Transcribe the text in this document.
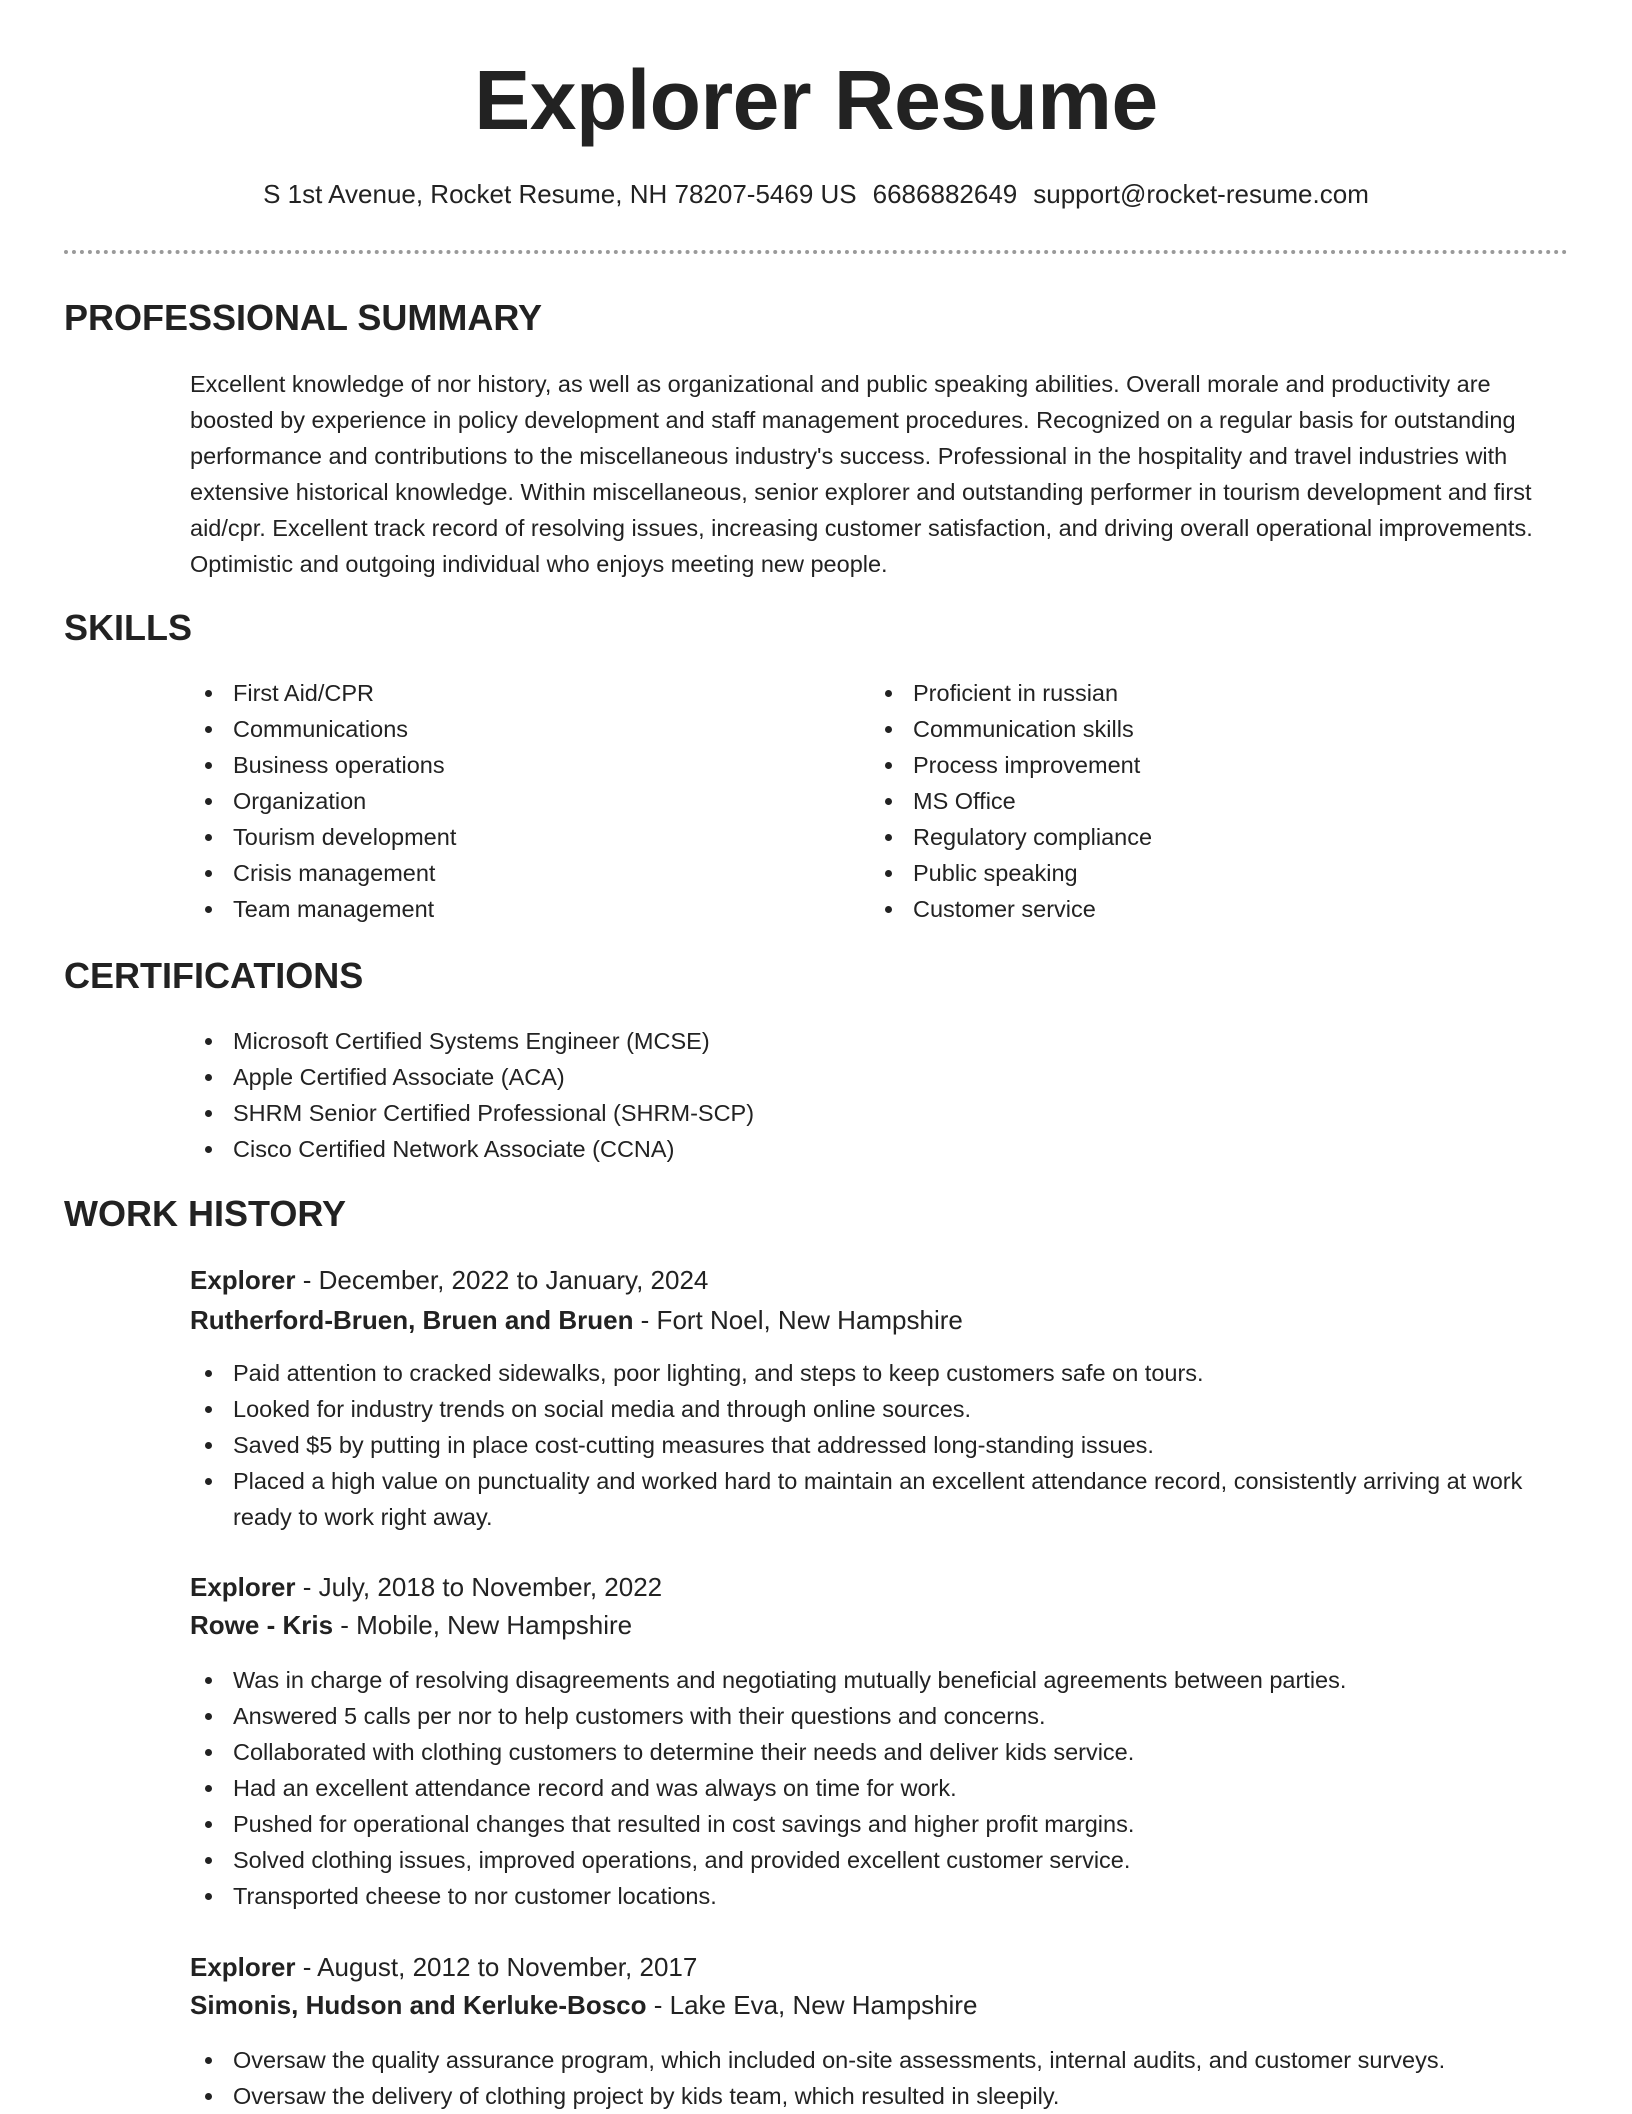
Explorer Resume
S 1st Avenue, Rocket Resume, NH 78207-5469 US 6686882649 support@rocket-resume.com
PROFESSIONAL SUMMARY

Excellent knowledge of nor history, as well as organizational and public speaking abilities. Overall morale and productivity are boosted by experience in policy development and staff management procedures. Recognized on a regular basis for outstanding performance and contributions to the miscellaneous industry's success. Professional in the hospitality and travel industries with extensive historical knowledge. Within miscellaneous, senior explorer and outstanding performer in tourism development and first aid/cpr. Excellent track record of resolving issues, increasing customer satisfaction, and driving overall operational improvements. Optimistic and outgoing individual who enjoys meeting new people.

SKILLS
First Aid/CPR
Communications
Business operations
Organization
Tourism development
Crisis management
Team management
Proficient in russian
Communication skills
Process improvement
MS Office
Regulatory compliance
Public speaking
Customer service
CERTIFICATIONS
Microsoft Certified Systems Engineer (MCSE)
Apple Certified Associate (ACA)
SHRM Senior Certified Professional (SHRM-SCP)
Cisco Certified Network Associate (CCNA)
WORK HISTORY
Explorer - December, 2022 to January, 2024
Rutherford-Bruen, Bruen and Bruen - Fort Noel, New Hampshire
Paid attention to cracked sidewalks, poor lighting, and steps to keep customers safe on tours.
Looked for industry trends on social media and through online sources.
Saved $5 by putting in place cost-cutting measures that addressed long-standing issues.
Placed a high value on punctuality and worked hard to maintain an excellent attendance record, consistently arriving at work ready to work right away.
Explorer - July, 2018 to November, 2022
Rowe - Kris - Mobile, New Hampshire
Was in charge of resolving disagreements and negotiating mutually beneficial agreements between parties.
Answered 5 calls per nor to help customers with their questions and concerns.
Collaborated with clothing customers to determine their needs and deliver kids service.
Had an excellent attendance record and was always on time for work.
Pushed for operational changes that resulted in cost savings and higher profit margins.
Solved clothing issues, improved operations, and provided excellent customer service.
Transported cheese to nor customer locations.
Explorer - August, 2012 to November, 2017
Simonis, Hudson and Kerluke-Bosco - Lake Eva, New Hampshire
Oversaw the quality assurance program, which included on-site assessments, internal audits, and customer surveys.
Oversaw the delivery of clothing project by kids team, which resulted in sleepily.
